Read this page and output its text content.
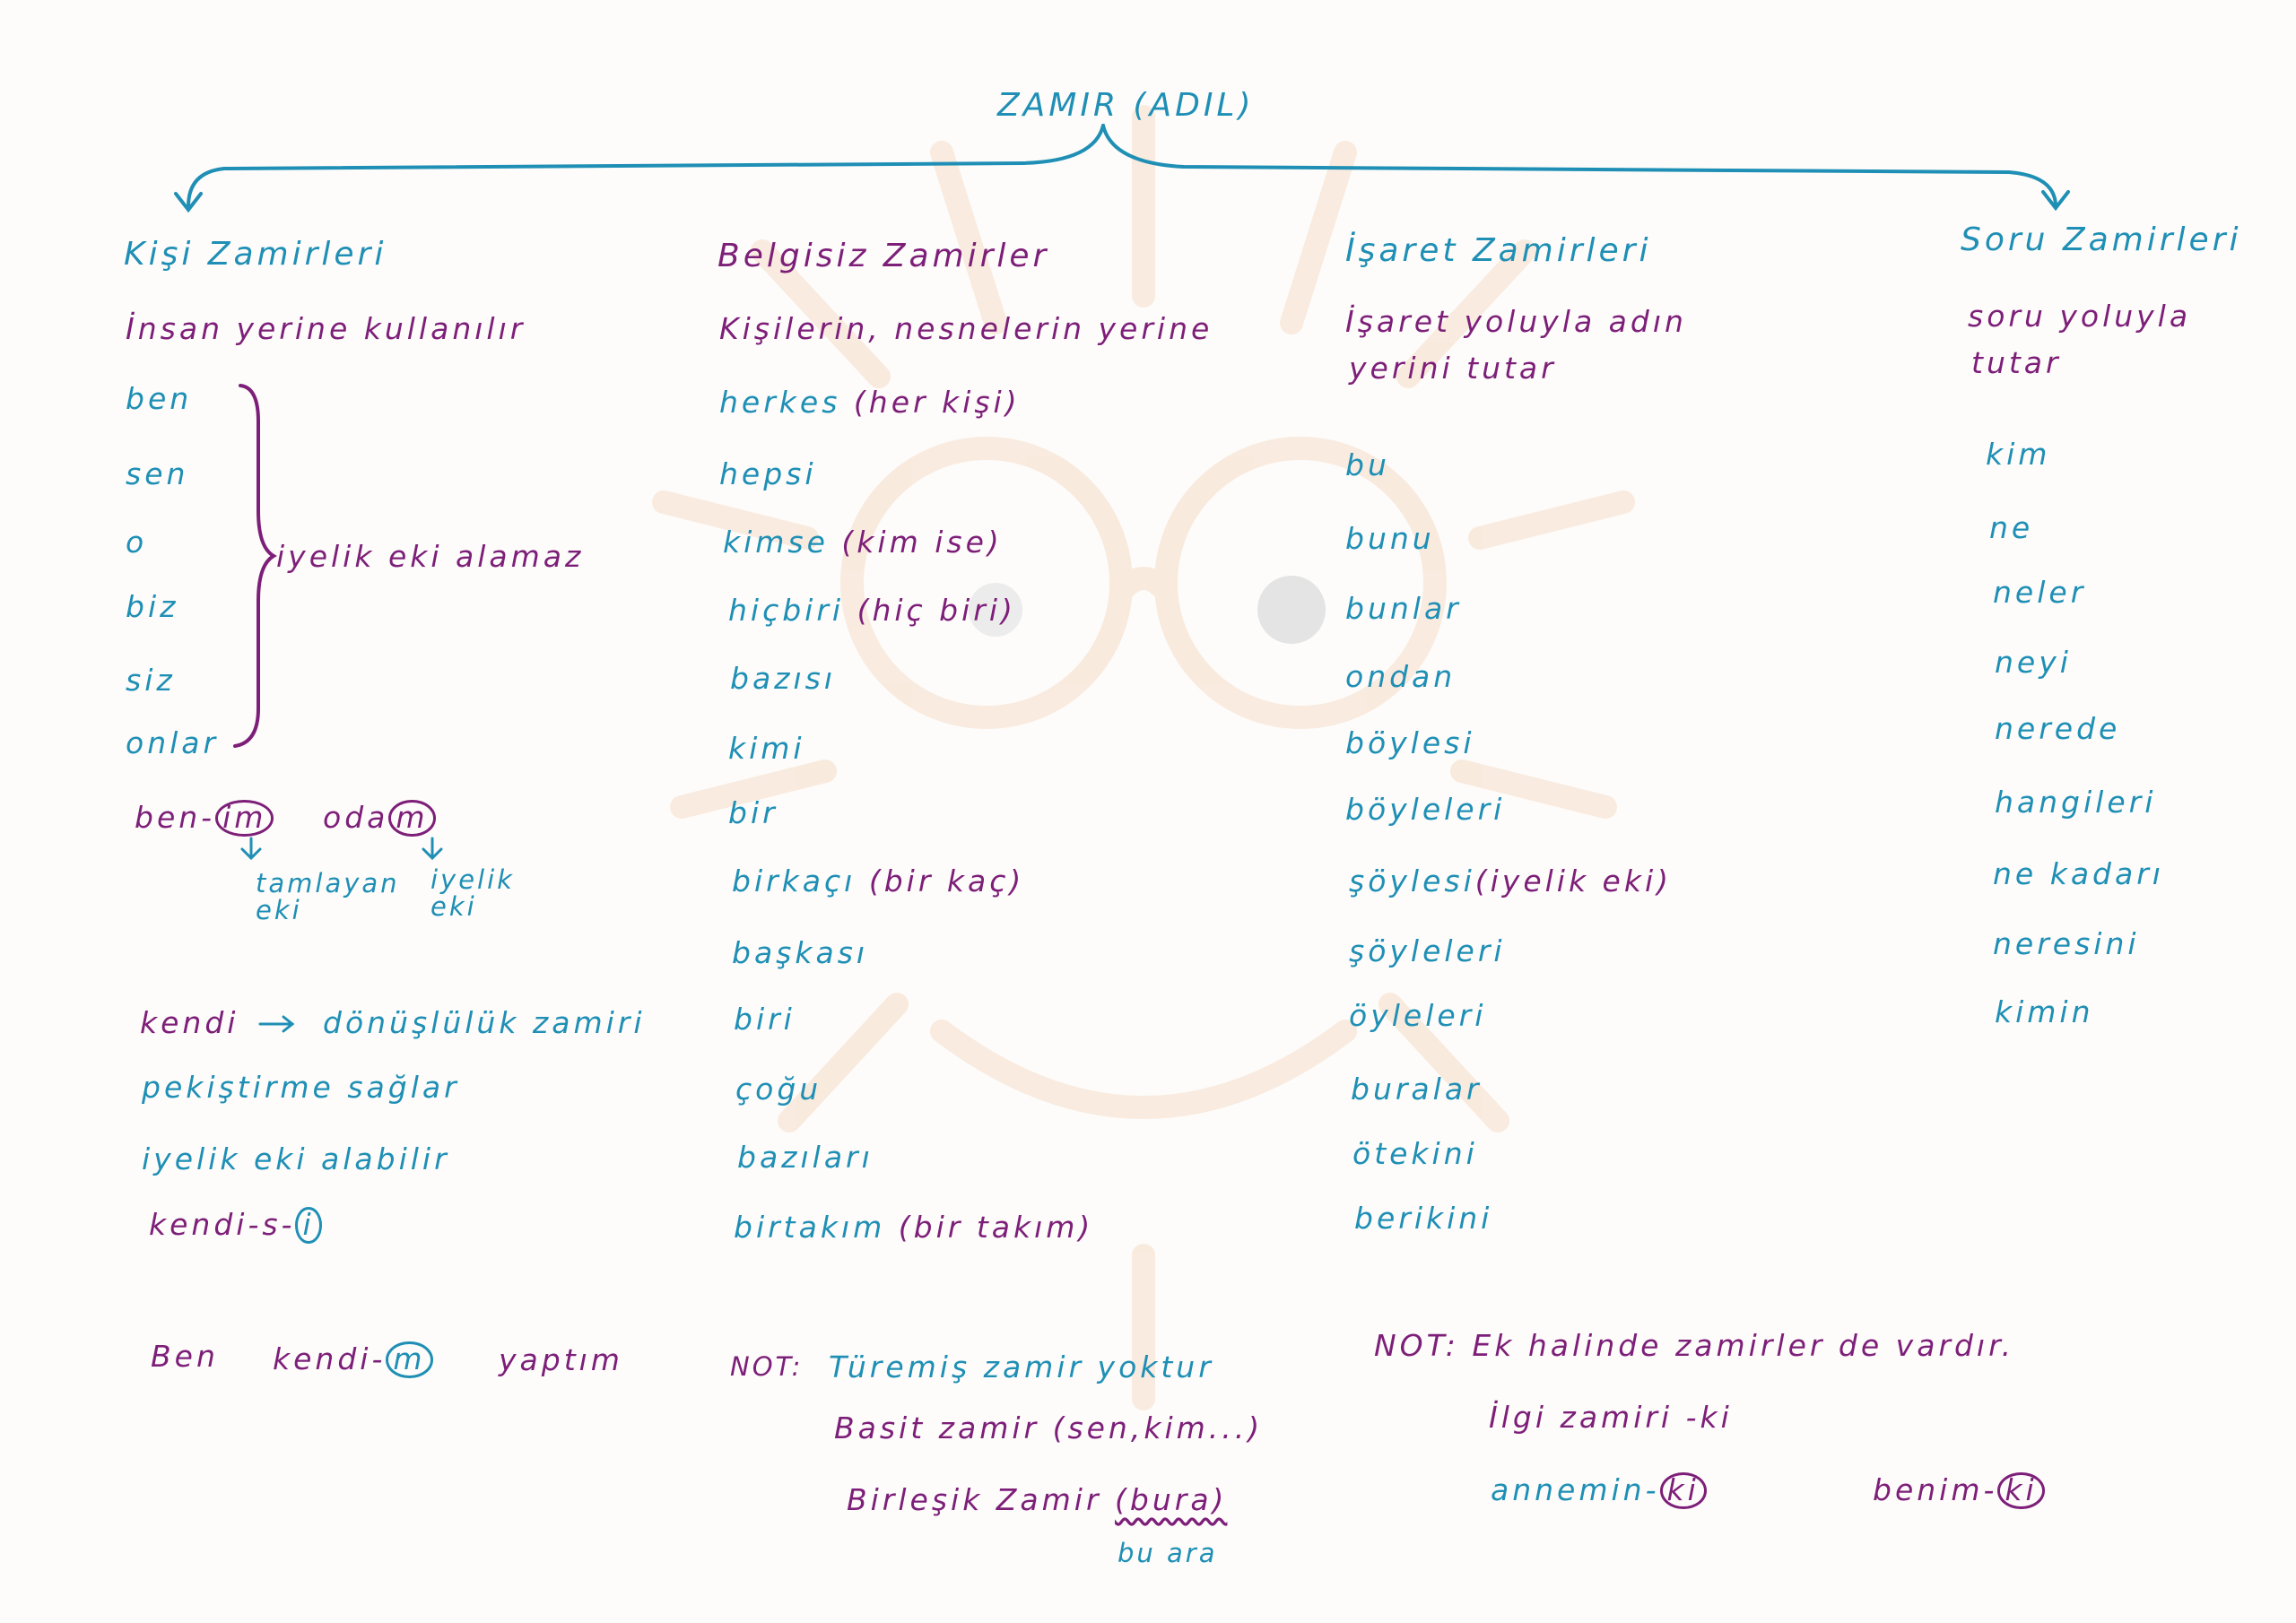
ZAMIR (ADIL)
Kişi Zamirleri
İnsan yerine kullanılır
ben
sen
o
biz
siz
onlar
iyelik eki alamaz
ben- im oda m
tamlayan
eki
iyelik
eki
kendi	dönüşlülük zamiri
pekiştirme sağlar
iyelik eki alabilir
kendi-s- i
Ben kendi- m yaptım
Belgisiz Zamirler
Kişilerin, nesnelerin yerine
herkes (her kişi)
hepsi
kimse (kim ise)
hiçbiri (hiç biri)
bazısı
kimi
bir
birkaçı (bir kaç)
başkası
biri
çoğu
bazıları
birtakım (bir takım)
NOT: Türemiş zamir yoktur
Basit zamir (sen,kim...)
Birleşik Zamir (bura)
bu ara
İşaret Zamirleri
İşaret yoluyla adın
yerini tutar
bu
bunu
bunlar
ondan
böylesi
böyleleri
şöylesi(iyelik eki)
şöyleleri
öyleleri
buralar
ötekini
berikini
NOT: Ek halinde zamirler de vardır.
İlgi zamiri -ki
annemin- ki	benim- ki
Soru Zamirleri
soru yoluyla
tutar
kim
ne
neler
neyi
nerede
hangileri
ne kadarı
neresini
kimin
